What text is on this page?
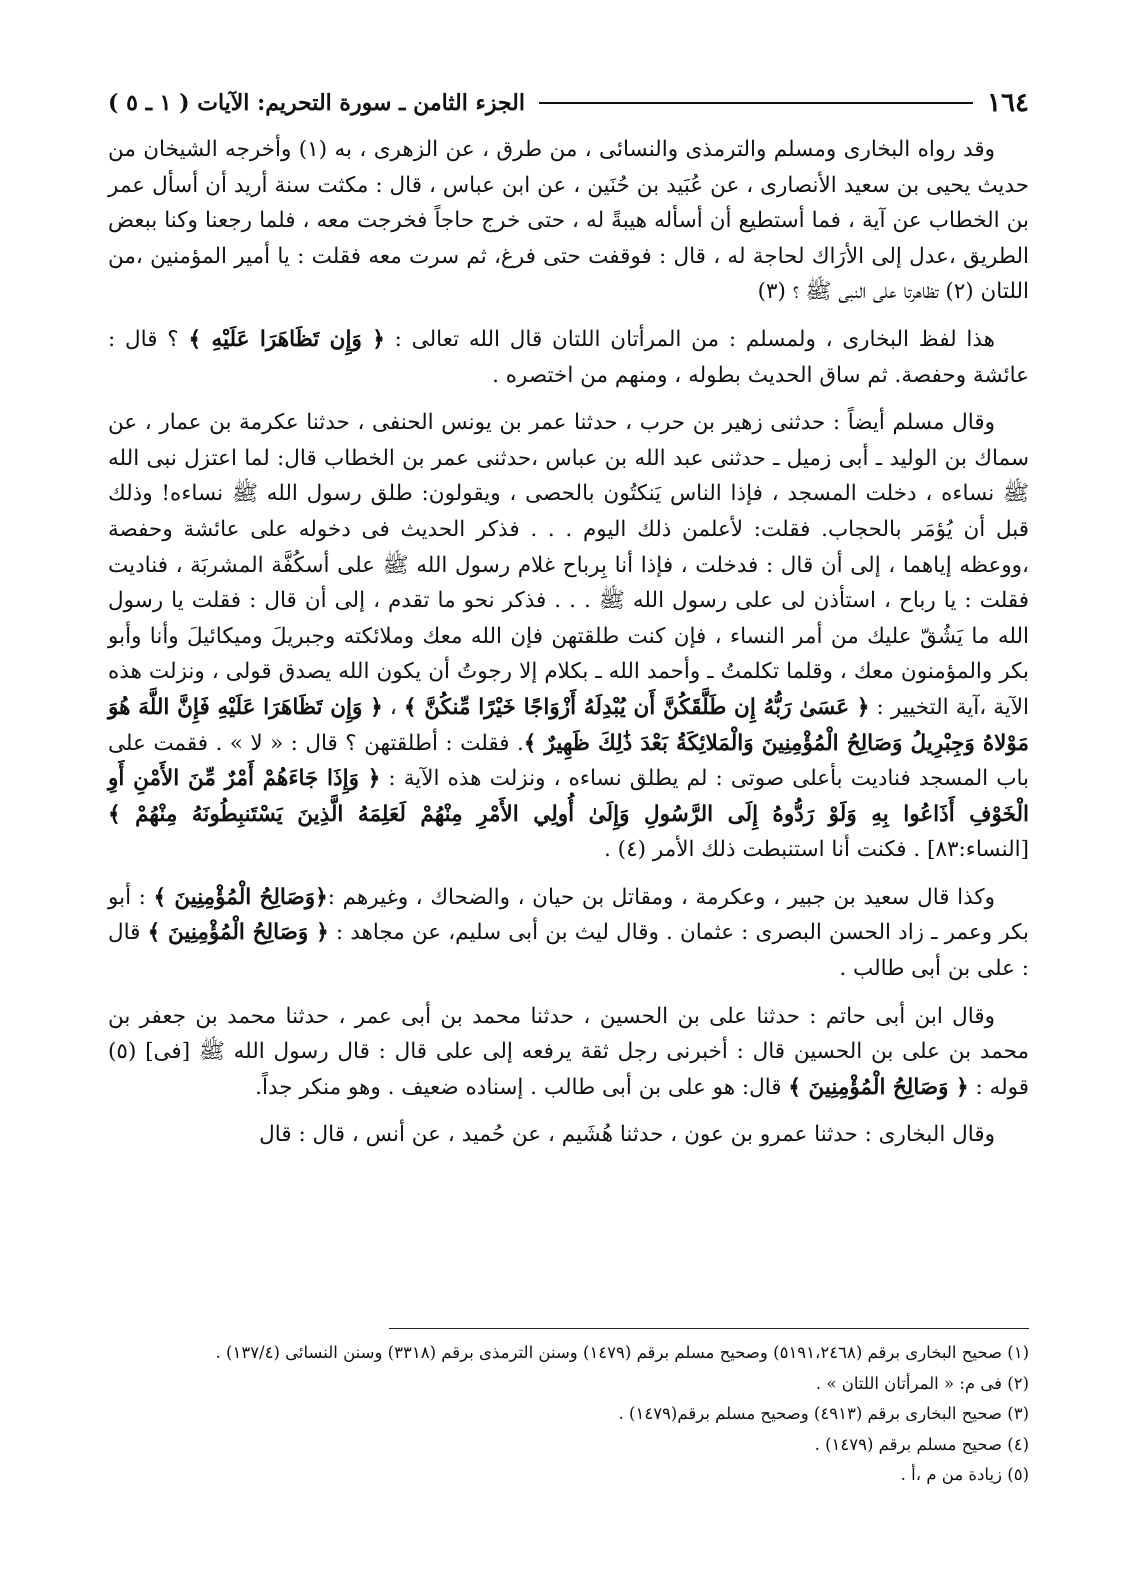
١٦٤
الجزء الثامن ـ سورة التحريم: الآيات ( ١ ـ ٥ )

وقد رواه البخارى ومسلم والترمذى والنسائى ، من طرق ، عن الزهرى ، به (١) وأخرجه الشيخان من حديث يحيى بن سعيد الأنصارى ، عن عُبَيد بن حُنَين ، عن ابن عباس ، قال : مكثت سنة أريد أن أسأل عمر بن الخطاب عن آية ، فما أستطيع أن أسأله هيبةً له ، حتى خرج حاجاً فخرجت معه ، فلما رجعنا وكنا ببعض الطريق ،عدل إلى الأرَاك لحاجة له ، قال : فوقفت حتى فرغ، ثم سرت معه فقلت : يا أمير المؤمنين ،من اللتان (٢) تظاهرتا على النبى ﷺ ؟ (٣)

هذا لفظ البخارى ، ولمسلم : من المرأتان اللتان قال الله تعالى : ﴿ وَإِن تَظَاهَرَا عَلَيْهِ ﴾ ؟ قال : عائشة وحفصة. ثم ساق الحديث بطوله ، ومنهم من اختصره .

وقال مسلم أيضاً : حدثنى زهير بن حرب ، حدثنا عمر بن يونس الحنفى ، حدثنا عكرمة بن عمار ، عن سماك بن الوليد ـ أبى زميل ـ حدثنى عبد الله بن عباس ،حدثنى عمر بن الخطاب قال: لما اعتزل نبى الله ﷺ نساءه ، دخلت المسجد ، فإذا الناس يَنكتُون بالحصى ، ويقولون: طلق رسول الله ﷺ نساءه! وذلك قبل أن يُؤمَر بالحجاب. فقلت: لأعلمن ذلك اليوم . . . فذكر الحديث فى دخوله على عائشة وحفصة ،ووعظه إياهما ، إلى أن قال : فدخلت ، فإذا أنا بِرباح غلام رسول الله ﷺ على أسكُفَّة المشربَة ، فناديت فقلت : يا رباح ، استأذن لى على رسول الله ﷺ . . . فذكر نحو ما تقدم ، إلى أن قال : فقلت يا رسول الله ما يَشُقّ عليك من أمر النساء ، فإن كنت طلقتهن فإن الله معك وملائكته وجبريلَ وميكائيلَ وأنا وأبو بكر والمؤمنون معك ، وقلما تكلمتُ ـ وأحمد الله ـ بكلام إلا رجوتُ أن يكون الله يصدق قولى ، ونزلت هذه الآية ،آية التخيير : ﴿ عَسَىٰ رَبُّهُ إِن طَلَّقَكُنَّ أَن يُبْدِلَهُ أَزْوَاجًا خَيْرًا مِّنكُنَّ ﴾ ، ﴿ وَإِن تَظَاهَرَا عَلَيْهِ فَإِنَّ اللَّهَ هُوَ مَوْلاهُ وَجِبْرِيلُ وَصَالِحُ الْمُؤْمِنِينَ وَالْمَلائِكَةُ بَعْدَ ذَٰلِكَ ظَهِيرٌ ﴾. فقلت : أطلقتهن ؟ قال : « لا » . فقمت على باب المسجد فناديت بأعلى صوتى : لم يطلق نساءه ، ونزلت هذه الآية : ﴿ وَإِذَا جَاءَهُمْ أَمْرٌ مِّنَ الأَمْنِ أَوِ الْخَوْفِ أَذَاعُوا بِهِ وَلَوْ رَدُّوهُ إِلَى الرَّسُولِ وَإِلَىٰ أُولِي الأَمْرِ مِنْهُمْ لَعَلِمَهُ الَّذِينَ يَسْتَنبِطُونَهُ مِنْهُمْ ﴾ [النساء:٨٣] . فكنت أنا استنبطت ذلك الأمر (٤) .

وكذا قال سعيد بن جبير ، وعكرمة ، ومقاتل بن حيان ، والضحاك ، وغيرهم :﴿وَصَالِحُ الْمُؤْمِنِينَ ﴾ : أبو بكر وعمر ـ زاد الحسن البصرى : عثمان . وقال ليث بن أبى سليم، عن مجاهد : ﴿ وَصَالِحُ الْمُؤْمِنِينَ ﴾ قال : على بن أبى طالب .

وقال ابن أبى حاتم : حدثنا على بن الحسين ، حدثنا محمد بن أبى عمر ، حدثنا محمد بن جعفر بن محمد بن على بن الحسين قال : أخبرنى رجل ثقة يرفعه إلى على قال : قال رسول الله ﷺ [فى] (٥) قوله : ﴿ وَصَالِحُ الْمُؤْمِنِينَ ﴾ قال: هو على بن أبى طالب . إسناده ضعيف . وهو منكر جداً.

وقال البخارى : حدثنا عمرو بن عون ، حدثنا هُشَيم ، عن حُميد ، عن أنس ، قال : قال

(١) صحيح البخارى برقم (٥١٩١،٢٤٦٨) وصحيح مسلم برقم (١٤٧٩) وسنن الترمذى برقم (٣٣١٨) وسنن النسائى (١٣٧/٤) .

(٢) فى م: « المرأتان اللتان » .

(٣) صحيح البخارى برقم (٤٩١٣) وصحيح مسلم برقم(١٤٧٩) .

(٤) صحيح مسلم برقم (١٤٧٩) .

(٥) زيادة من م ،أ .
